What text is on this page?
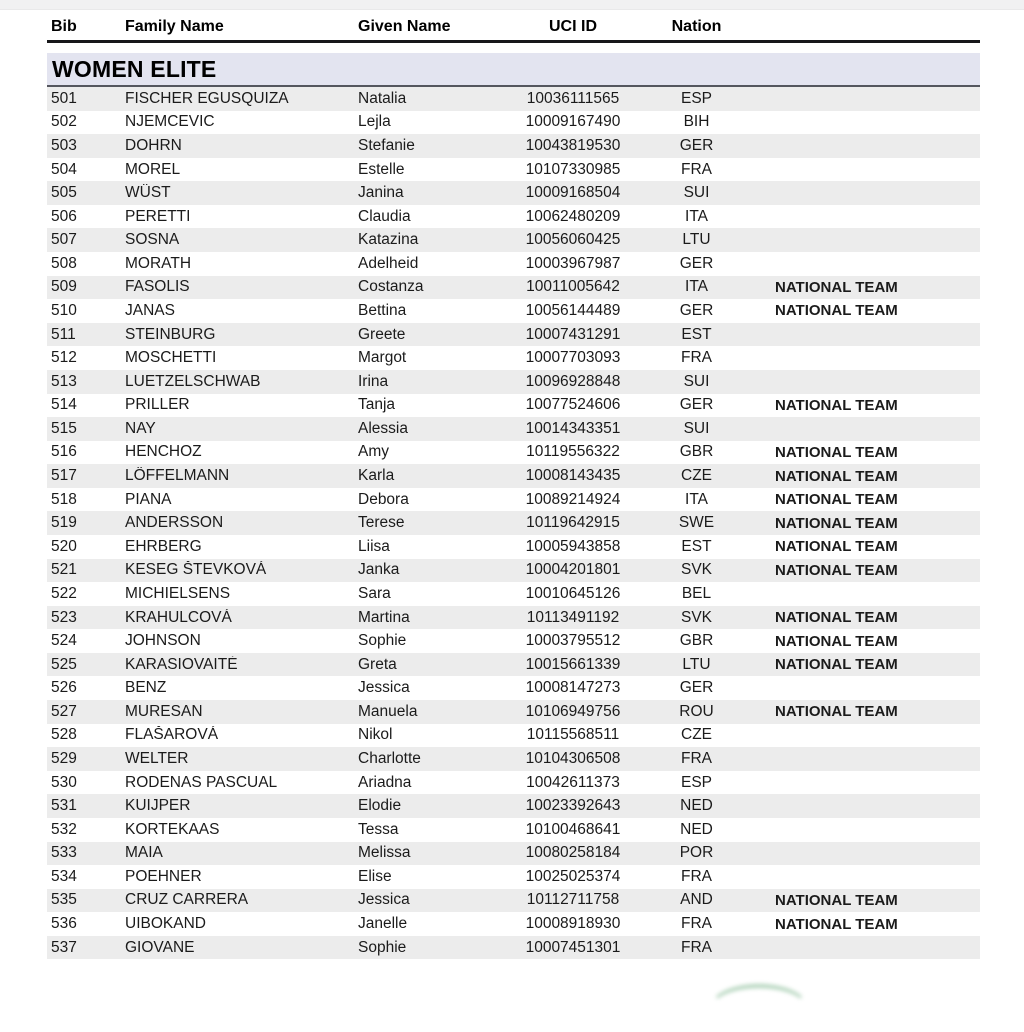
Bib	Family Name	Given Name	UCI ID	Nation
WOMEN ELITE
501	FISCHER EGUSQUIZA	Natalia	10036111565	ESP
502	NJEMCEVIC	Lejla	10009167490	BIH
503	DOHRN	Stefanie	10043819530	GER
504	MOREL	Estelle	10107330985	FRA
505	WÜST	Janina	10009168504	SUI
506	PERETTI	Claudia	10062480209	ITA
507	SOSNA	Katazina	10056060425	LTU
508	MORATH	Adelheid	10003967987	GER
509	FASOLIS	Costanza	10011005642	ITA	NATIONAL TEAM
510	JANAS	Bettina	10056144489	GER	NATIONAL TEAM
511	STEINBURG	Greete	10007431291	EST
512	MOSCHETTI	Margot	10007703093	FRA
513	LUETZELSCHWAB	Irina	10096928848	SUI
514	PRILLER	Tanja	10077524606	GER	NATIONAL TEAM
515	NAY	Alessia	10014343351	SUI
516	HENCHOZ	Amy	10119556322	GBR	NATIONAL TEAM
517	LÖFFELMANN	Karla	10008143435	CZE	NATIONAL TEAM
518	PIANA	Debora	10089214924	ITA	NATIONAL TEAM
519	ANDERSSON	Terese	10119642915	SWE	NATIONAL TEAM
520	EHRBERG	Liisa	10005943858	EST	NATIONAL TEAM
521	KESEG ŠTEVKOVÁ	Janka	10004201801	SVK	NATIONAL TEAM
522	MICHIELSENS	Sara	10010645126	BEL
523	KRAHULCOVÁ	Martina	10113491192	SVK	NATIONAL TEAM
524	JOHNSON	Sophie	10003795512	GBR	NATIONAL TEAM
525	KARASIOVAITĖ	Greta	10015661339	LTU	NATIONAL TEAM
526	BENZ	Jessica	10008147273	GER
527	MURESAN	Manuela	10106949756	ROU	NATIONAL TEAM
528	FLAŠAROVÁ	Nikol	10115568511	CZE
529	WELTER	Charlotte	10104306508	FRA
530	RODENAS PASCUAL	Ariadna	10042611373	ESP
531	KUIJPER	Elodie	10023392643	NED
532	KORTEKAAS	Tessa	10100468641	NED
533	MAIA	Melissa	10080258184	POR
534	POEHNER	Elise	10025025374	FRA
535	CRUZ CARRERA	Jessica	10112711758	AND	NATIONAL TEAM
536	UIBOKAND	Janelle	10008918930	FRA	NATIONAL TEAM
537	GIOVANE	Sophie	10007451301	FRA
